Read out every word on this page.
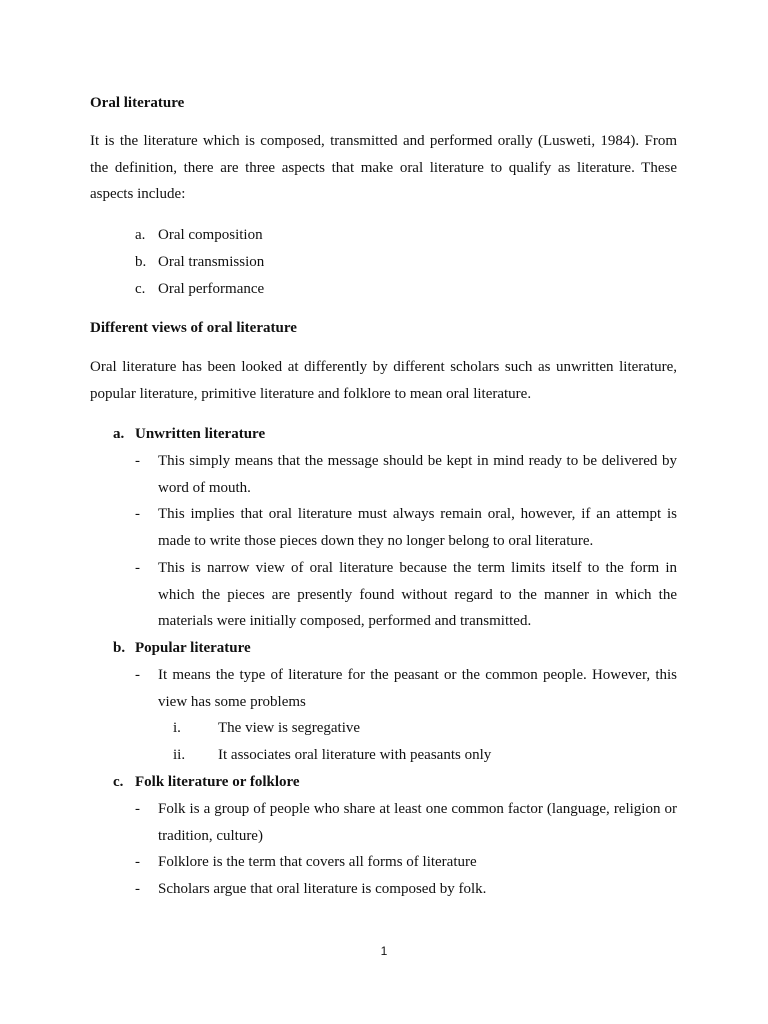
Oral literature
It is the literature which is composed, transmitted and performed orally (Lusweti, 1984). From the definition, there are three aspects that make oral literature to qualify as literature. These aspects include:
a. Oral composition
b. Oral transmission
c. Oral performance
Different views of oral literature
Oral literature has been looked at differently by different scholars such as unwritten literature, popular literature, primitive literature and folklore to mean oral literature.
a. Unwritten literature
- This simply means that the message should be kept in mind ready to be delivered by word of mouth.
- This implies that oral literature must always remain oral, however, if an attempt is made to write those pieces down they no longer belong to oral literature.
- This is narrow view of oral literature because the term limits itself to the form in which the pieces are presently found without regard to the manner in which the materials were initially composed, performed and transmitted.
b. Popular literature
- It means the type of literature for the peasant or the common people. However, this view has some problems
i. The view is segregative
ii. It associates oral literature with peasants only
c. Folk literature or folklore
- Folk is a group of people who share at least one common factor (language, religion or tradition, culture)
- Folklore is the term that covers all forms of literature
- Scholars argue that oral literature is composed by folk.
1
